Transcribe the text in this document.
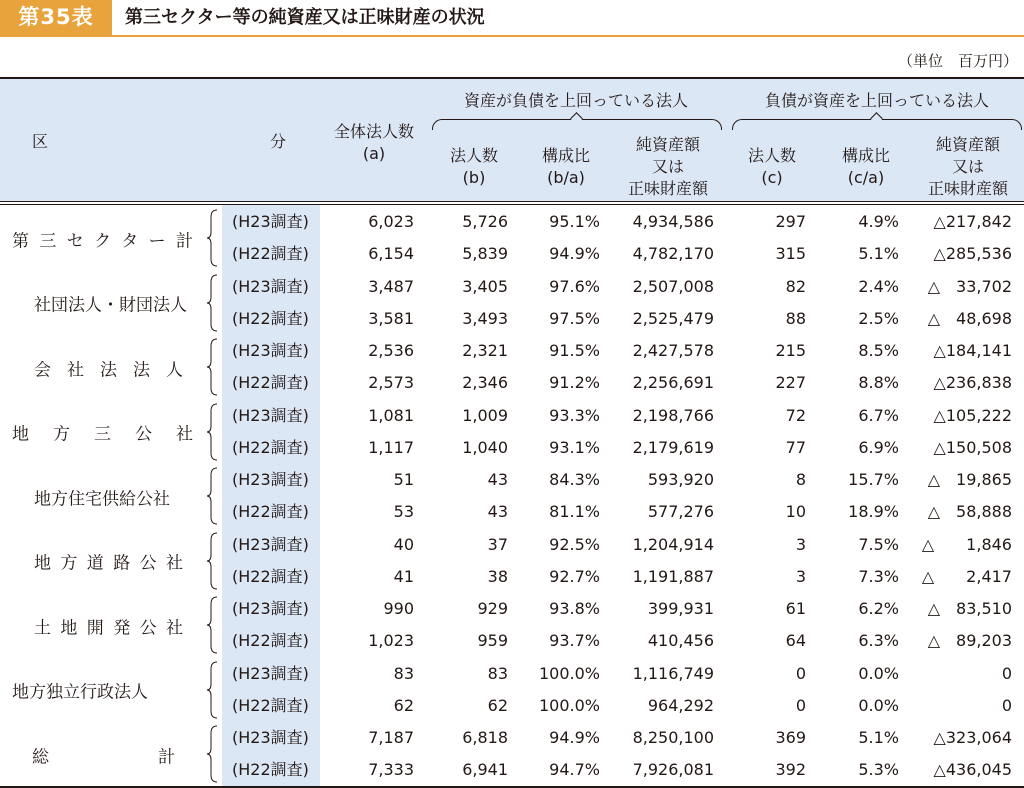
第35表	第三セクター等の純資産又は正味財産の状況
（単位　百万円）
区	分
全体法人数
(a)
資産が負債を上回っている法人	負債が資産を上回っている法人
法人数
(b)
構成比
(b/a)
純資産額
又は
正味財産額
法人数
(c)
構成比
(c/a)
純資産額
又は
正味財産額
第三セクター計
(H23調査)	6,023	5,726	95.1% 4,934,586	297	4.9% △217,842
(H22調査)	6,154	5,839	94.9% 4,782,170	315	5.1% △285,536
社団法人・財団法人
(H23調査)	3,487	3,405	97.6% 2,507,008	82	2.4% △　33,702
(H22調査)	3,581	3,493	97.5% 2,525,479	88	2.5% △　48,698
会社法法人
(H23調査)	2,536	2,321	91.5% 2,427,578	215	8.5% △184,141
(H22調査)	2,573	2,346	91.2% 2,256,691	227	8.8% △236,838
地方三公社
(H23調査)	1,081	1,009	93.3% 2,198,766	72	6.7% △105,222
(H22調査)	1,117	1,040	93.1% 2,179,619	77	6.9% △150,508
地方住宅供給公社
(H23調査)	51	43	84.3%	593,920	8	15.7% △　19,865
(H22調査)	53	43	81.1%	577,276	10	18.9% △　58,888
地方道路公社
(H23調査)	40	37	92.5% 1,204,914	3	7.5% △　　1,846
(H22調査)	41	38	92.7% 1,191,887	3	7.3% △　　2,417
土地開発公社
(H23調査)	990	929	93.8%	399,931	61	6.2% △　83,510
(H22調査)	1,023	959	93.7%	410,456	64	6.3% △　89,203
地方独立行政法人
(H23調査)	83	83 100.0% 1,116,749	0	0.0%	0
(H22調査)	62	62 100.0%	964,292	0	0.0%	0
総計
(H23調査)	7,187	6,818	94.9% 8,250,100	369	5.1% △323,064
(H22調査)	7,333	6,941	94.7% 7,926,081	392	5.3% △436,045
